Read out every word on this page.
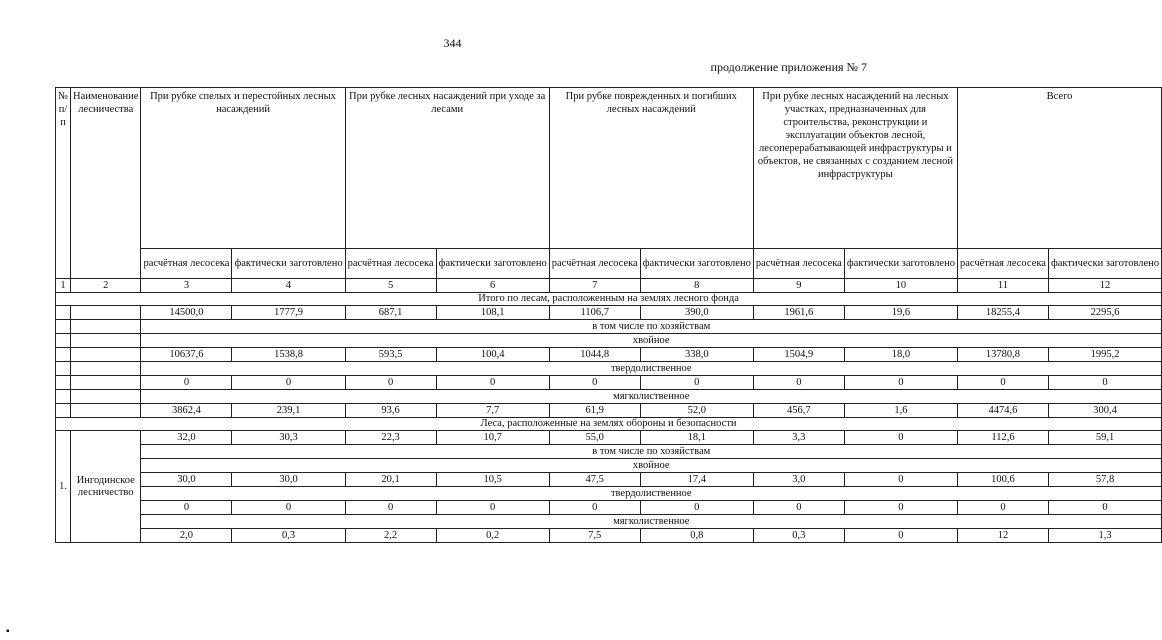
344
продолжение приложения № 7
№ п/п	Наименование лесничества	При рубке спелых и перестойных лесных насаждений		При рубке лесных насаждений при уходе за лесами		При рубке поврежденных и погибших лесных насаждений		При рубке лесных насаждений на лесных участках, предназначенных для строительства, реконструкции и эксплуатации объектов лесной, лесоперерабатывающей инфраструктуры и объектов, не связанных с созданием лесной инфраструктуры		Всего	
		расчётная лесосека	фактически заготовлено	расчётная лесосека	фактически заготовлено	расчётная лесосека	фактически заготовлено	расчётная лесосека	фактически заготовлено	расчётная лесосека	фактически заготовлено
1	2	3	4	5	6	7	8	9	10	11	12
Итого по лесам, расположенным на землях лесного фонда											
		14500,0	1777,9	687,1	108,1	1106,7	390,0	1961,6	19,6	18255,4	2295,6
		в том числе по хозяйствам									
		хвойное									
		10637,6	1538,8	593,5	100,4	1044,8	338,0	1504,9	18,0	13780,8	1995,2
		твердолиственное									
		0	0	0	0	0	0	0	0	0	0
		мягколиственное									
		3862,4	239,1	93,6	7,7	61,9	52,0	456,7	1,6	4474,6	300,4
Леса, расположенные на землях обороны и безопасности											
1.	Ингодинское лесничество	32,0	30,3	22,3	10,7	55,0	18,1	3,3	0	112,6	59,1
		в том числе по хозяйствам									
		хвойное									
		30,0	30,0	20,1	10,5	47,5	17,4	3,0	0	100,6	57,8
		твердолиственное									
		0	0	0	0	0	0	0	0	0	0
		мягколиственное									
		2,0	0,3	2,2	0,2	7,5	0,8	0,3	0	12	1,3
▪
